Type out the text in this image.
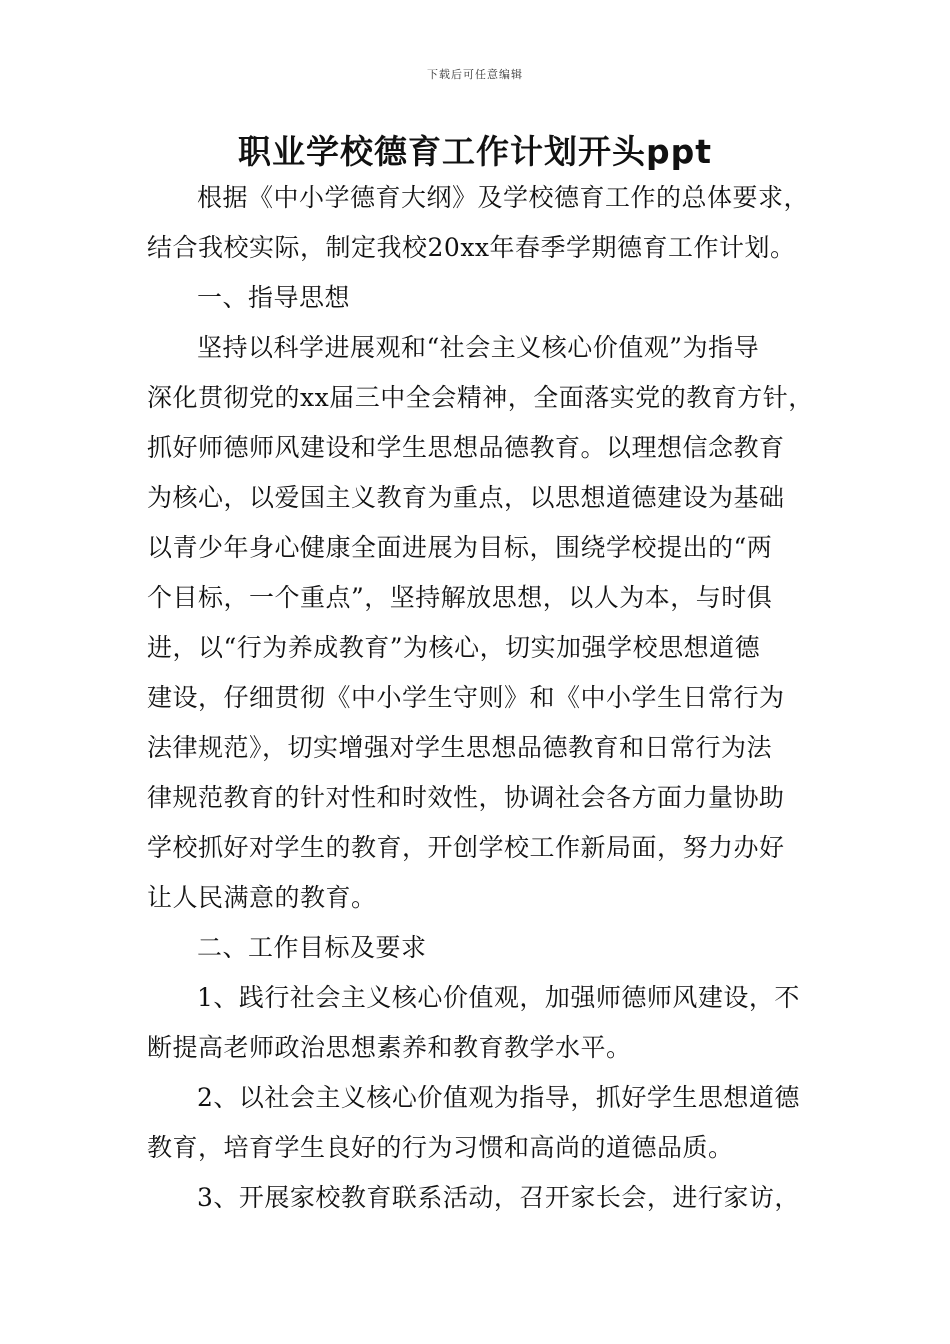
下载后可任意编辑
职业学校德育工作计划开头ppt
根据《中小学德育大纲》及学校德育工作的总体要求，
结合我校实际，制定我校20xx年春季学期德育工作计划。
一、指导思想
坚持以科学进展观和“社会主义核心价值观”为指导
深化贯彻党的xx届三中全会精神，全面落实党的教育方针，
抓好师德师风建设和学生思想品德教育。以理想信念教育
为核心，以爱国主义教育为重点，以思想道德建设为基础
以青少年身心健康全面进展为目标，围绕学校提出的“两
个目标，一个重点”，坚持解放思想，以人为本，与时俱
进，以“行为养成教育”为核心，切实加强学校思想道德
建设，仔细贯彻《中小学生守则》和《中小学生日常行为
法律规范》，切实增强对学生思想品德教育和日常行为法
律规范教育的针对性和时效性，协调社会各方面力量协助
学校抓好对学生的教育，开创学校工作新局面，努力办好
让人民满意的教育。
二、工作目标及要求
1、践行社会主义核心价值观，加强师德师风建设，不
断提高老师政治思想素养和教育教学水平。
2、以社会主义核心价值观为指导，抓好学生思想道德
教育，培育学生良好的行为习惯和高尚的道德品质。
3、开展家校教育联系活动，召开家长会，进行家访，
